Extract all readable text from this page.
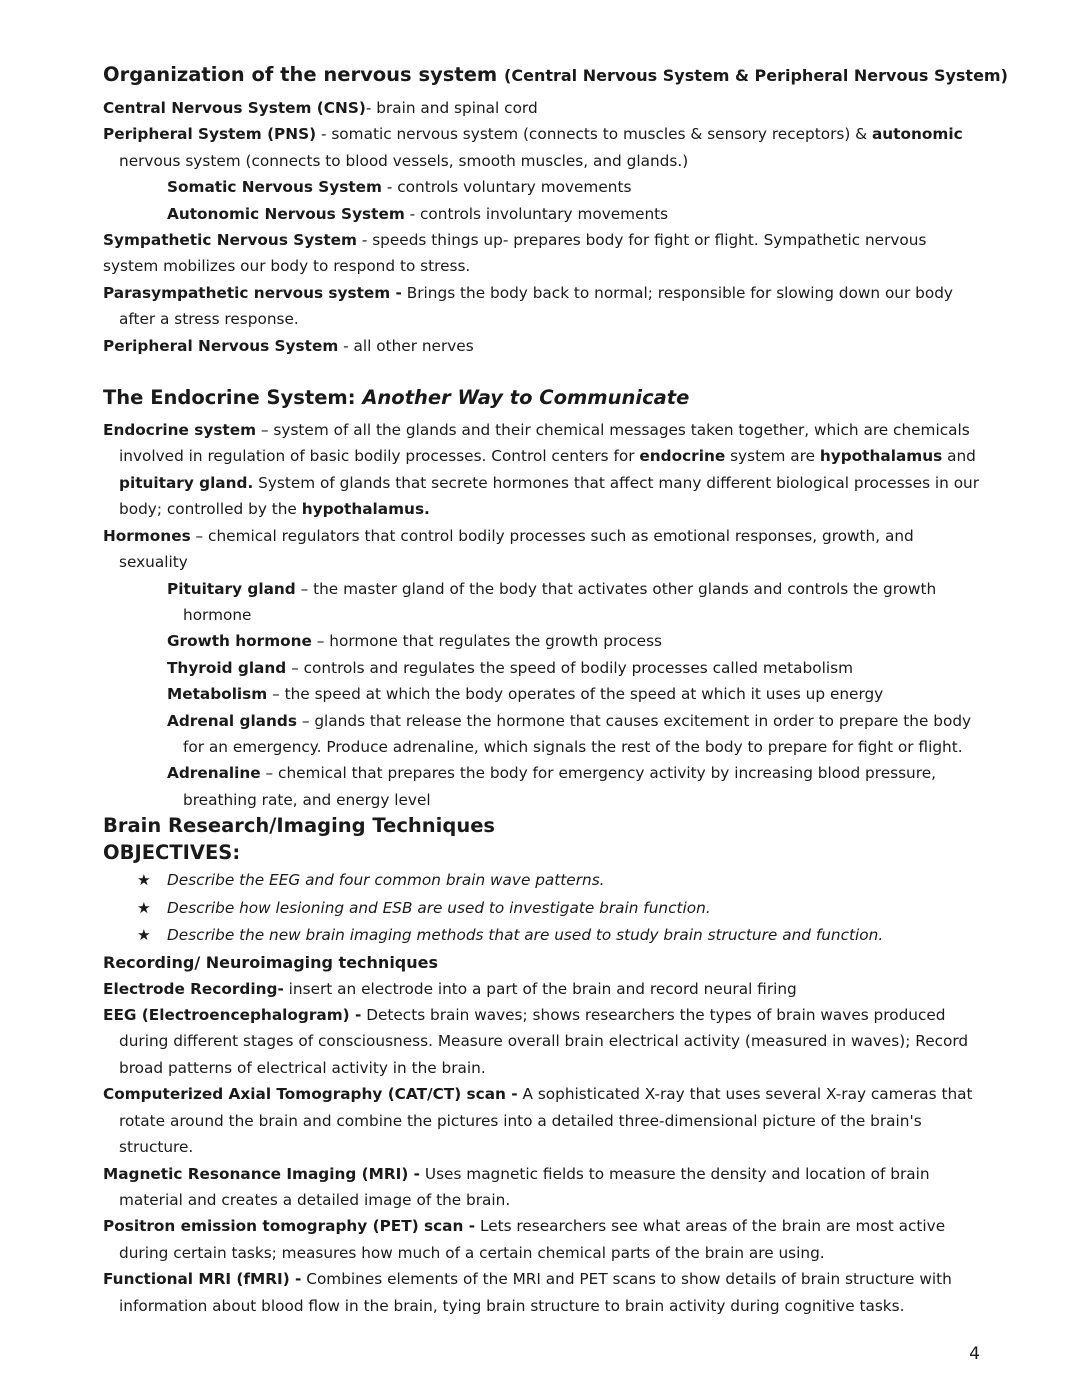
Organization of the nervous system (Central Nervous System & Peripheral Nervous System)

Central Nervous System (CNS)- brain and spinal cord

Peripheral System (PNS) - somatic nervous system (connects to muscles & sensory receptors) & autonomic nervous system (connects to blood vessels, smooth muscles, and glands.)

Somatic Nervous System - controls voluntary movements

Autonomic Nervous System - controls involuntary movements

Sympathetic Nervous System - speeds things up- prepares body for fight or flight. Sympathetic nervous system mobilizes our body to respond to stress.

Parasympathetic nervous system - Brings the body back to normal; responsible for slowing down our body after a stress response.

Peripheral Nervous System - all other nerves

The Endocrine System: Another Way to Communicate

Endocrine system – system of all the glands and their chemical messages taken together, which are chemicals involved in regulation of basic bodily processes. Control centers for endocrine system are hypothalamus and pituitary gland. System of glands that secrete hormones that affect many different biological processes in our body; controlled by the hypothalamus.

Hormones – chemical regulators that control bodily processes such as emotional responses, growth, and sexuality

Pituitary gland – the master gland of the body that activates other glands and controls the growth hormone

Growth hormone – hormone that regulates the growth process

Thyroid gland – controls and regulates the speed of bodily processes called metabolism

Metabolism – the speed at which the body operates of the speed at which it uses up energy

Adrenal glands – glands that release the hormone that causes excitement in order to prepare the body for an emergency. Produce adrenaline, which signals the rest of the body to prepare for fight or flight.

Adrenaline – chemical that prepares the body for emergency activity by increasing blood pressure, breathing rate, and energy level

Brain Research/Imaging Techniques
OBJECTIVES:
★ Describe the EEG and four common brain wave patterns.
★ Describe how lesioning and ESB are used to investigate brain function.
★ Describe the new brain imaging methods that are used to study brain structure and function.
Recording/ Neuroimaging techniques

Electrode Recording- insert an electrode into a part of the brain and record neural firing

EEG (Electroencephalogram) - Detects brain waves; shows researchers the types of brain waves produced during different stages of consciousness. Measure overall brain electrical activity (measured in waves); Record broad patterns of electrical activity in the brain.

Computerized Axial Tomography (CAT/CT) scan - A sophisticated X-ray that uses several X-ray cameras that rotate around the brain and combine the pictures into a detailed three-dimensional picture of the brain's structure.

Magnetic Resonance Imaging (MRI) - Uses magnetic fields to measure the density and location of brain material and creates a detailed image of the brain.

Positron emission tomography (PET) scan - Lets researchers see what areas of the brain are most active during certain tasks; measures how much of a certain chemical parts of the brain are using.

Functional MRI (fMRI) - Combines elements of the MRI and PET scans to show details of brain structure with information about blood flow in the brain, tying brain structure to brain activity during cognitive tasks.

4
